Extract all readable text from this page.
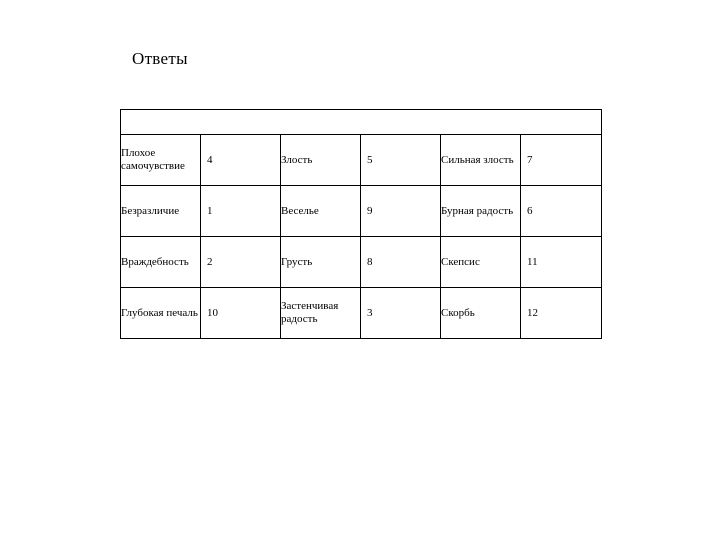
Ответы

Плохое самочувствие	4	Злость	5	Сильная злость	7
Безразличие	1	Веселье	9	Бурная радость	6
Враждебность	2	Грусть	8	Скепсис	11
Глубокая печаль	10	Застенчивая радость	3	Скорбь	12
